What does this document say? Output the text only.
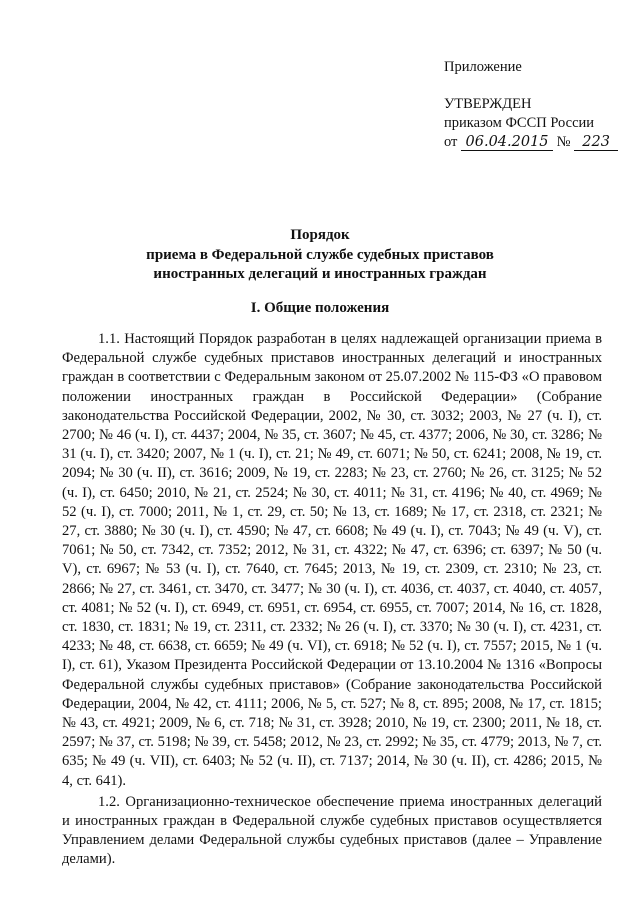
Приложение
УТВЕРЖДЕН
приказом ФССП России
от 06.04.2015 № 223
Порядок
приема в Федеральной службе судебных приставов
иностранных делегаций и иностранных граждан
I. Общие положения

1.1. Настоящий Порядок разработан в целях надлежащей организации приема в Федеральной службе судебных приставов иностранных делегаций и иностранных граждан в соответствии с Федеральным законом от 25.07.2002 № 115-ФЗ «О правовом положении иностранных граждан в Российской Федерации» (Собрание законодательства Российской Федерации, 2002, № 30, ст. 3032; 2003, № 27 (ч. I), ст. 2700; № 46 (ч. I), ст. 4437; 2004, № 35, ст. 3607; № 45, ст. 4377; 2006, № 30, ст. 3286; № 31 (ч. I), ст. 3420; 2007, № 1 (ч. I), ст. 21; № 49, ст. 6071; № 50, ст. 6241; 2008, № 19, ст. 2094; № 30 (ч. II), ст. 3616; 2009, № 19, ст. 2283; № 23, ст. 2760; № 26, ст. 3125; № 52 (ч. I), ст. 6450; 2010, № 21, ст. 2524; № 30, ст. 4011; № 31, ст. 4196; № 40, ст. 4969; № 52 (ч. I), ст. 7000; 2011, № 1, ст. 29, ст. 50; № 13, ст. 1689; № 17, ст. 2318, ст. 2321; № 27, ст. 3880; № 30 (ч. I), ст. 4590; № 47, ст. 6608; № 49 (ч. I), ст. 7043; № 49 (ч. V), ст. 7061; № 50, ст. 7342, ст. 7352; 2012, № 31, ст. 4322; № 47, ст. 6396; ст. 6397; № 50 (ч. V), ст. 6967; № 53 (ч. I), ст. 7640, ст. 7645; 2013, № 19, ст. 2309, ст. 2310; № 23, ст. 2866; № 27, ст. 3461, ст. 3470, ст. 3477; № 30 (ч. I), ст. 4036, ст. 4037, ст. 4040, ст. 4057, ст. 4081; № 52 (ч. I), ст. 6949, ст. 6951, ст. 6954, ст. 6955, ст. 7007; 2014, № 16, ст. 1828, ст. 1830, ст. 1831; № 19, ст. 2311, ст. 2332; № 26 (ч. I), ст. 3370; № 30 (ч. I), ст. 4231, ст. 4233; № 48, ст. 6638, ст. 6659; № 49 (ч. VI), ст. 6918; № 52 (ч. I), ст. 7557; 2015, № 1 (ч. I), ст. 61), Указом Президента Российской Федерации от 13.10.2004 № 1316 «Вопросы Федеральной службы судебных приставов» (Собрание законодательства Российской Федерации, 2004, № 42, ст. 4111; 2006, № 5, ст. 527; № 8, ст. 895; 2008, № 17, ст. 1815; № 43, ст. 4921; 2009, № 6, ст. 718; № 31, ст. 3928; 2010, № 19, ст. 2300; 2011, № 18, ст. 2597; № 37, ст. 5198; № 39, ст. 5458; 2012, № 23, ст. 2992; № 35, ст. 4779; 2013, № 7, ст. 635; № 49 (ч. VII), ст. 6403; № 52 (ч. II), ст. 7137; 2014, № 30 (ч. II), ст. 4286; 2015, № 4, ст. 641).

1.2. Организационно-техническое обеспечение приема иностранных делегаций и иностранных граждан в Федеральной службе судебных приставов осуществляется Управлением делами Федеральной службы судебных приставов (далее – Управление делами).
